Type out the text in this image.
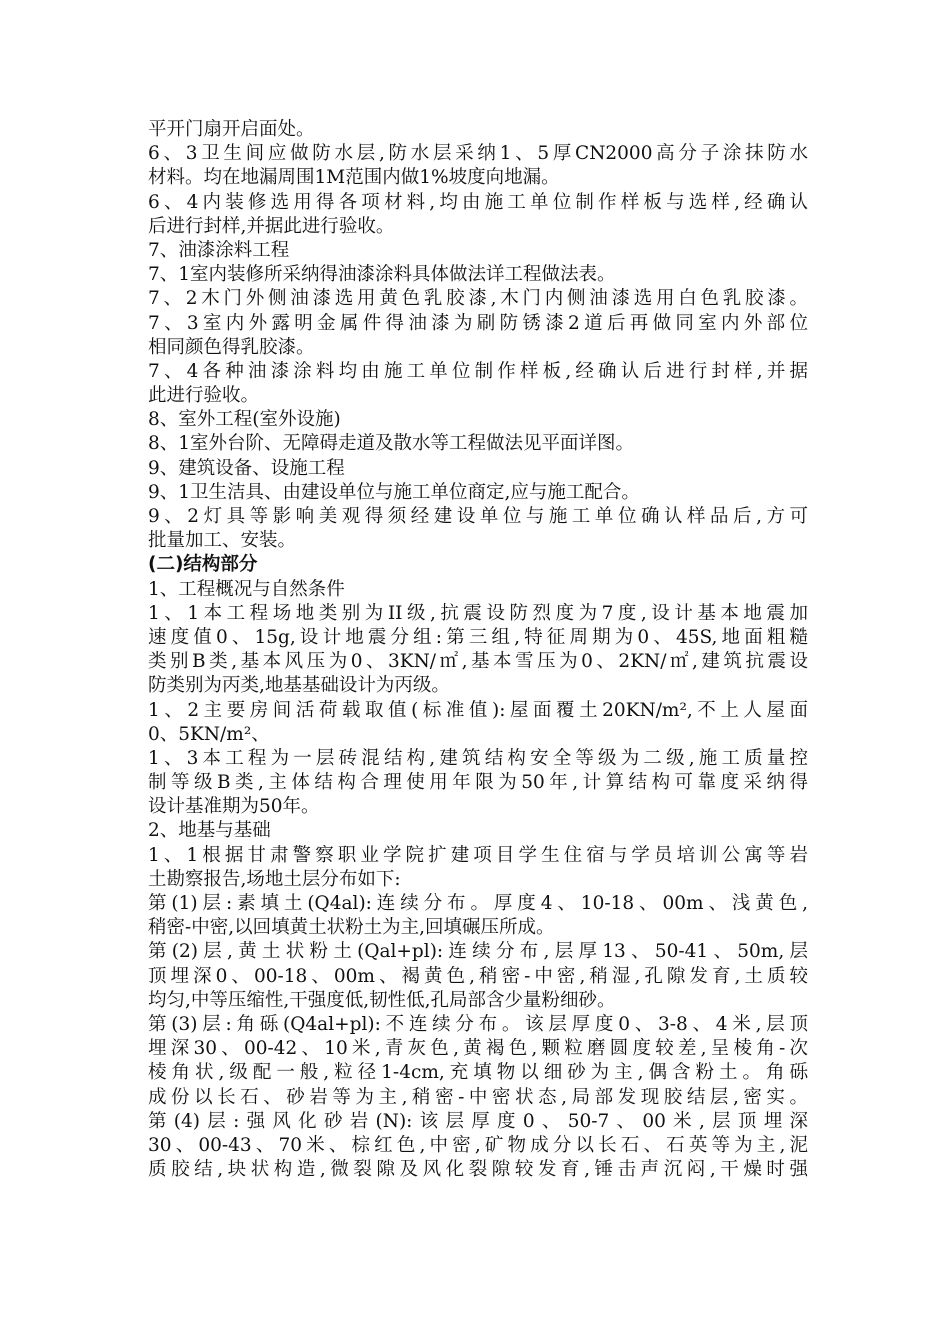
平开门扇开启面处。
6、3卫生间应做防水层,防水层采纳1、5厚CN2000高分子涂抹防水
材料。均在地漏周围1M范围内做1%坡度向地漏。
6、4内装修选用得各项材料,均由施工单位制作样板与选样,经确认
后进行封样,并据此进行验收。
7、油漆涂料工程
7、1室内装修所采纳得油漆涂料具体做法详工程做法表。
7、2木门外侧油漆选用黄色乳胶漆,木门内侧油漆选用白色乳胶漆。
7、3室内外露明金属件得油漆为刷防锈漆2道后再做同室内外部位
相同颜色得乳胶漆。
7、4各种油漆涂料均由施工单位制作样板,经确认后进行封样,并据
此进行验收。
8、室外工程(室外设施)
8、1室外台阶、无障碍走道及散水等工程做法见平面详图。
9、建筑设备、设施工程
9、1卫生洁具、由建设单位与施工单位商定,应与施工配合。
9、2灯具等影响美观得须经建设单位与施工单位确认样品后,方可
批量加工、安装。
(二)结构部分
1、工程概况与自然条件
1、1本工程场地类别为II级,抗震设防烈度为7度,设计基本地震加
速度值0、15g,设计地震分组:第三组,特征周期为0、45S,地面粗糙
类别B类,基本风压为0、3KN/㎡,基本雪压为0、2KN/㎡,建筑抗震设
防类别为丙类,地基基础设计为丙级。
1、2主要房间活荷载取值(标准值):屋面覆土20KN/m²,不上人屋面
0、5KN/m²、
1、3本工程为一层砖混结构,建筑结构安全等级为二级,施工质量控
制等级B类,主体结构合理使用年限为50年,计算结构可靠度采纳得
设计基准期为50年。
2、地基与基础
1、1根据甘肃警察职业学院扩建项目学生住宿与学员培训公寓等岩
土勘察报告,场地土层分布如下:
第(1)层:素填土(Q4al):连续分布。厚度4、10-18、00m、浅黄色,
稍密-中密,以回填黄土状粉土为主,回填碾压所成。
第(2)层,黄土状粉土(Qal+pl):连续分布,层厚13、50-41、50m,层
顶埋深0、00-18、00m、褐黄色,稍密-中密,稍湿,孔隙发育,土质较
均匀,中等压缩性,干强度低,韧性低,孔局部含少量粉细砂。
第(3)层:角砾(Q4al+pl):不连续分布。该层厚度0、3-8、4米,层顶
埋深30、00-42、10米,青灰色,黄褐色,颗粒磨圆度较差,呈棱角-次
棱角状,级配一般,粒径1-4cm,充填物以细砂为主,偶含粉土。角砾
成份以长石、砂岩等为主,稍密-中密状态,局部发现胶结层,密实。
第(4)层:强风化砂岩(N):该层厚度0、50-7、00米,层顶埋深
30、00-43、70米、棕红色,中密,矿物成分以长石、石英等为主,泥
质胶结,块状构造,微裂隙及风化裂隙较发育,锤击声沉闷,干燥时强
